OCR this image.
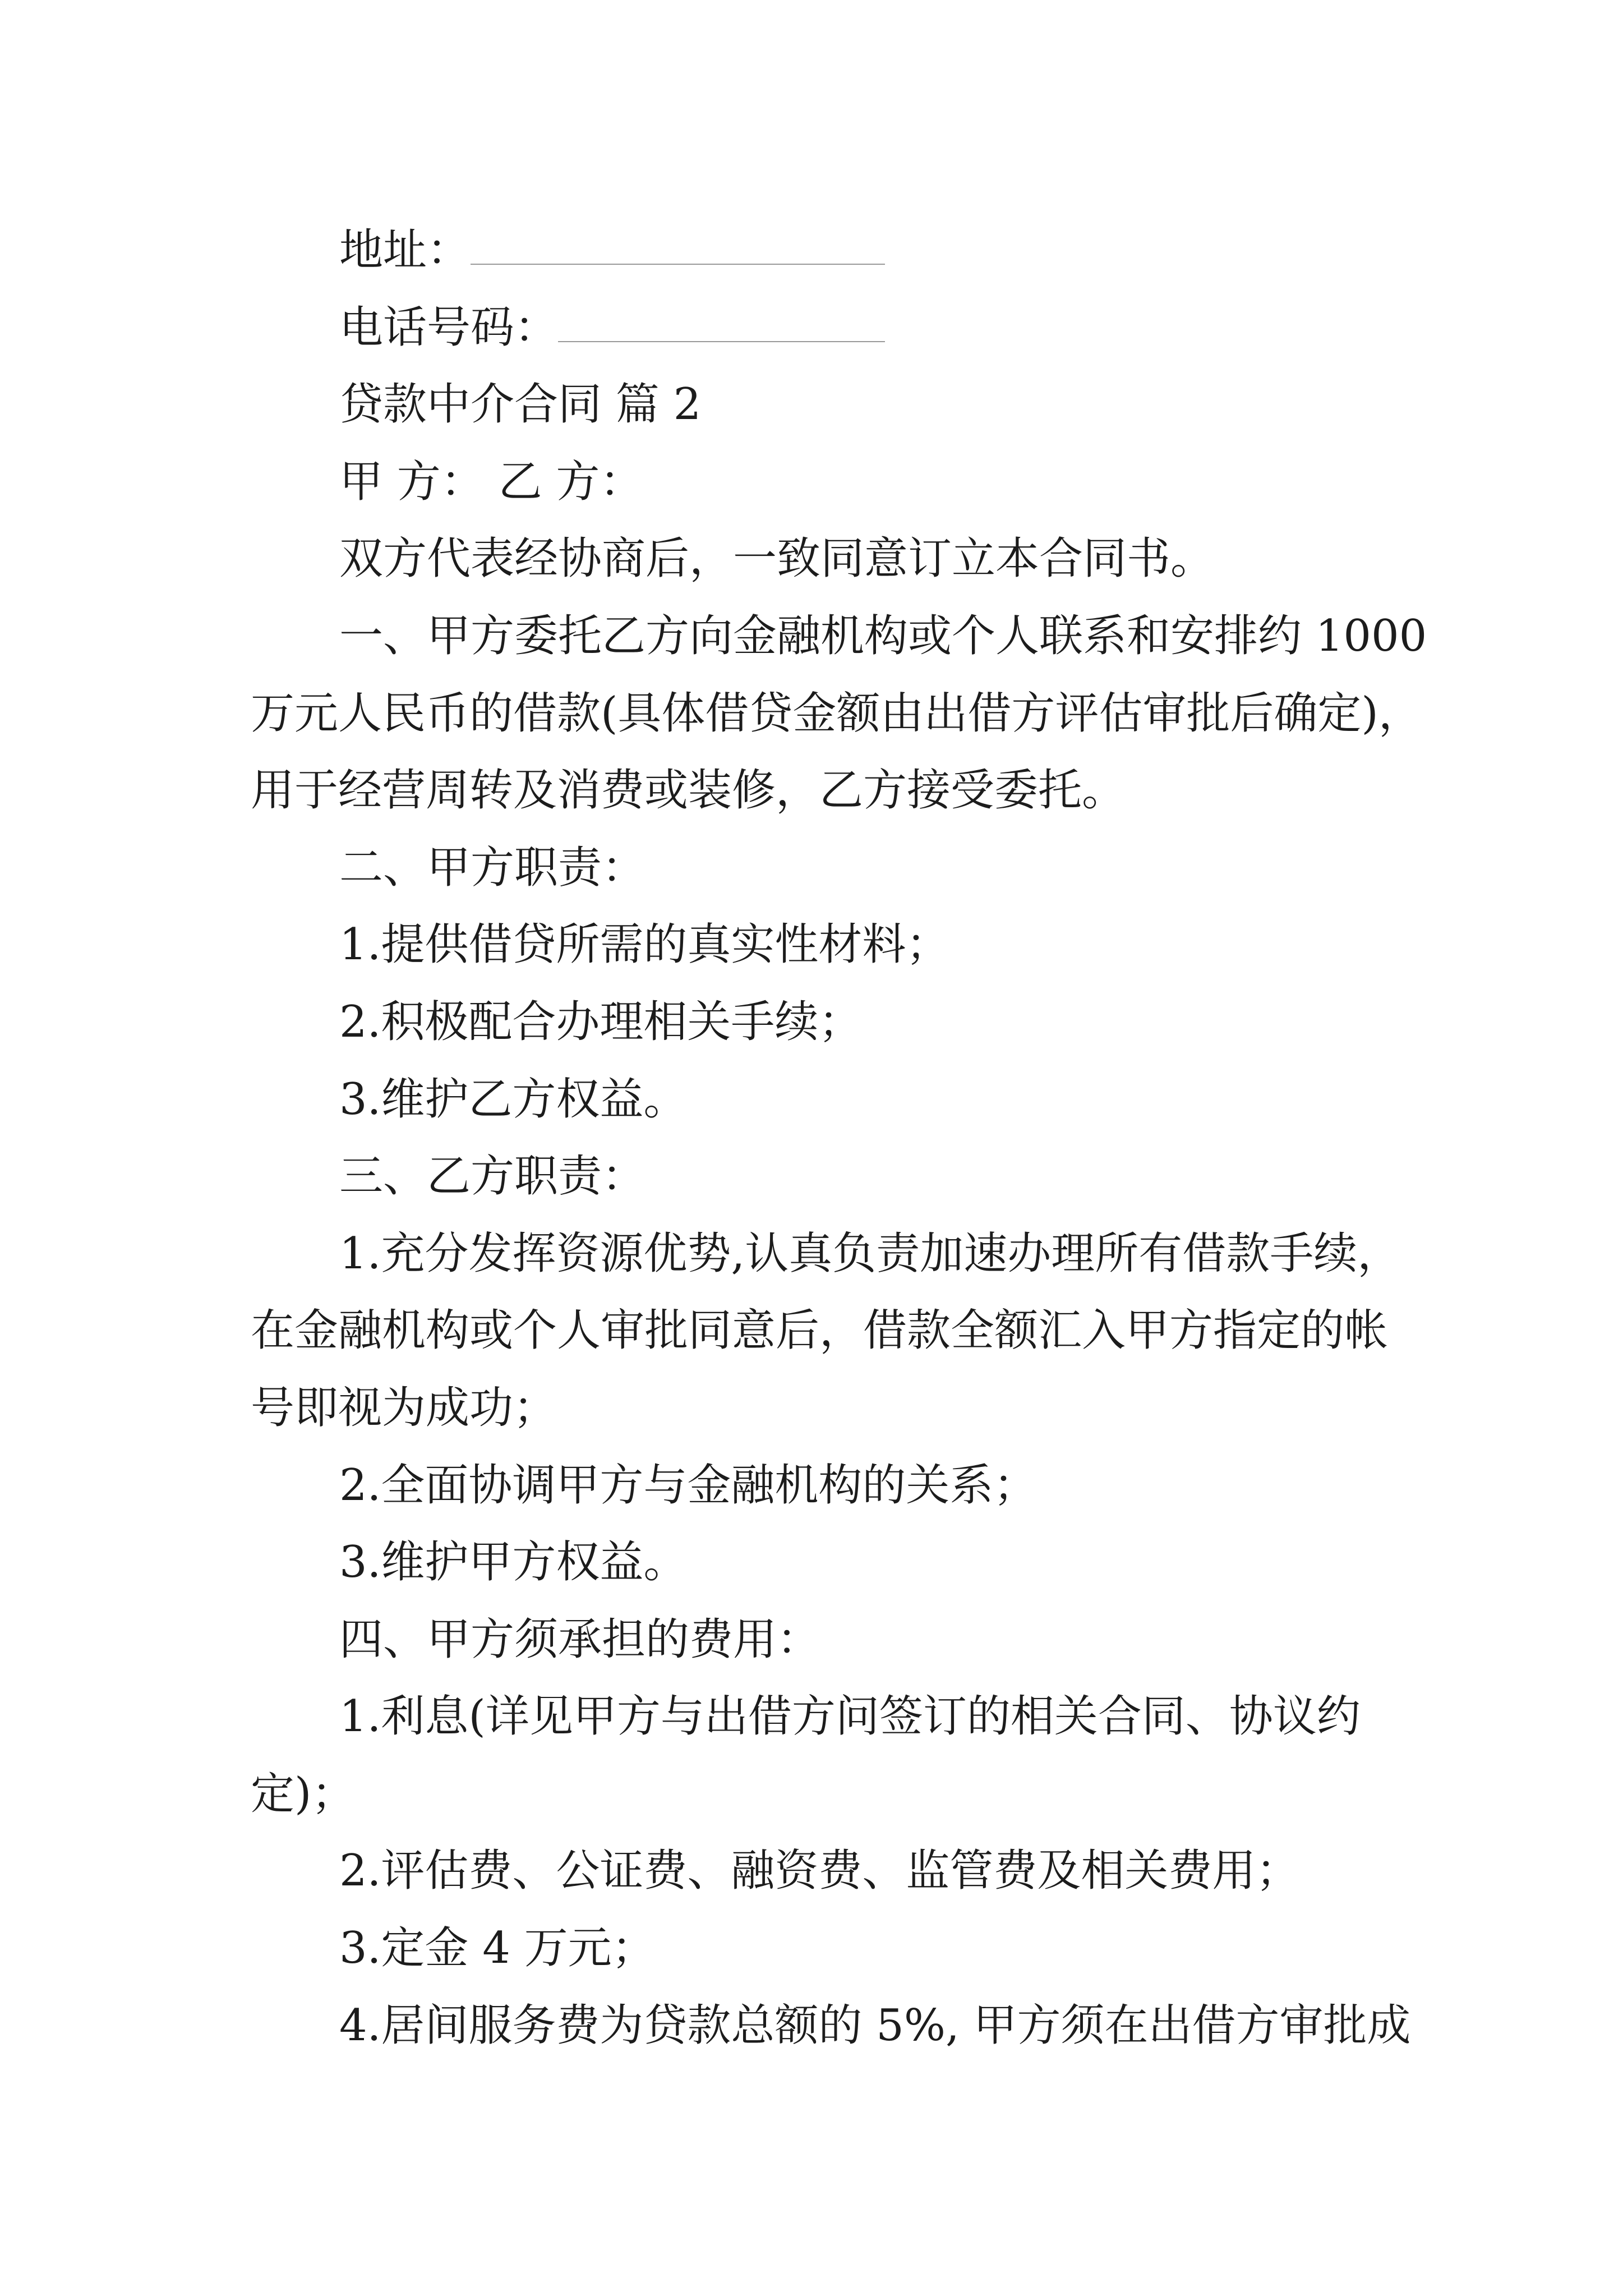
地址：
电话号码：
贷款中介合同 篇 2
甲 方： 乙 方：
双方代表经协商后，一致同意订立本合同书。
一、甲方委托乙方向金融机构或个人联系和安排约 1000
万元人民币的借款(具体借贷金额由出借方评估审批后确定)，
用于经营周转及消费或装修，乙方接受委托。
二、甲方职责：
1.提供借贷所需的真实性材料；
2.积极配合办理相关手续；
3.维护乙方权益。
三、乙方职责：
1.充分发挥资源优势,认真负责加速办理所有借款手续，
在金融机构或个人审批同意后，借款全额汇入甲方指定的帐
号即视为成功；
2.全面协调甲方与金融机构的关系；
3.维护甲方权益。
四、甲方须承担的费用：
1.利息(详见甲方与出借方问签订的相关合同、协议约
定)；
2.评估费、公证费、融资费、监管费及相关费用；
3.定金 4 万元；
4.居间服务费为贷款总额的 5%, 甲方须在出借方审批成
